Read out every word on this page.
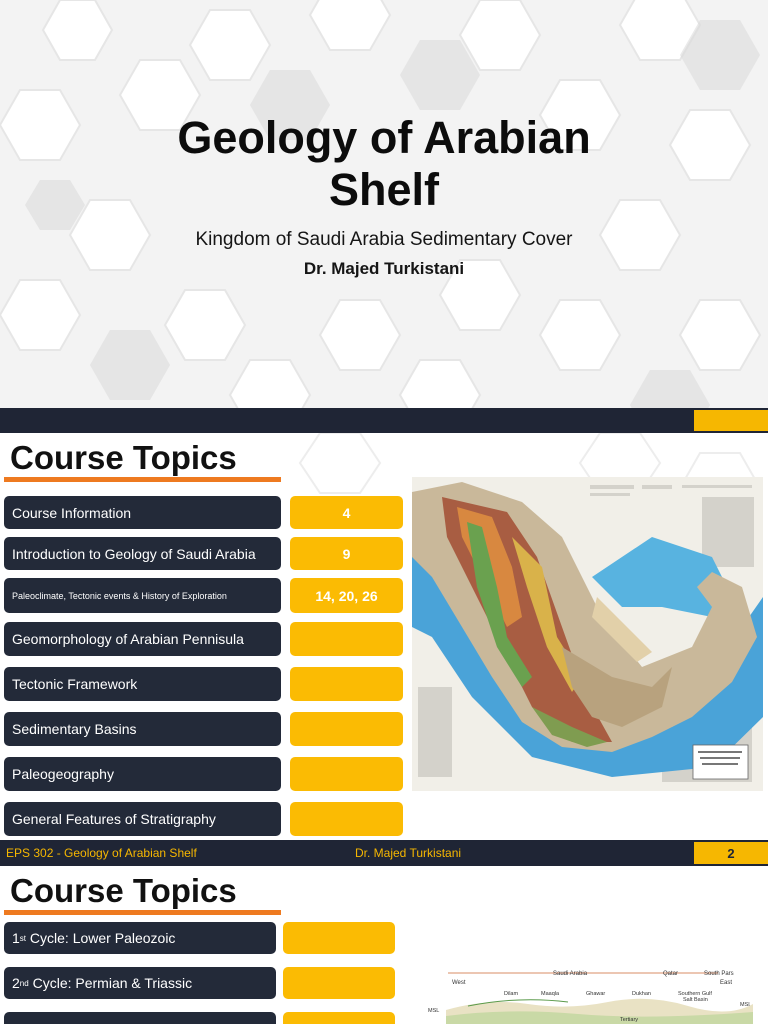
Geology of Arabian
Shelf
Kingdom of Saudi Arabia Sedimentary Cover
Dr. Majed Turkistani
Course Topics
Course Information	4
Introduction to Geology of Saudi Arabia	9
Paleoclimate, Tectonic events & History of Exploration	14, 20, 26
Geomorphology of Arabian Pennisula
Tectonic Framework
Sedimentary Basins
Paleogeography
General Features of Stratigraphy
EPS 302 - Geology of Arabian Shelf	Dr. Majed Turkistani	2
Course Topics
1 st Cycle: Lower Paleozoic
2 nd Cycle: Permian & Triassic
Saudi Arabia	Qatar	South Pars
West	East
Dilam	Maaqla	Ghawar	Dukhan	Southern Gulf
Salt Basin
MSL
MSL
Tertiary
